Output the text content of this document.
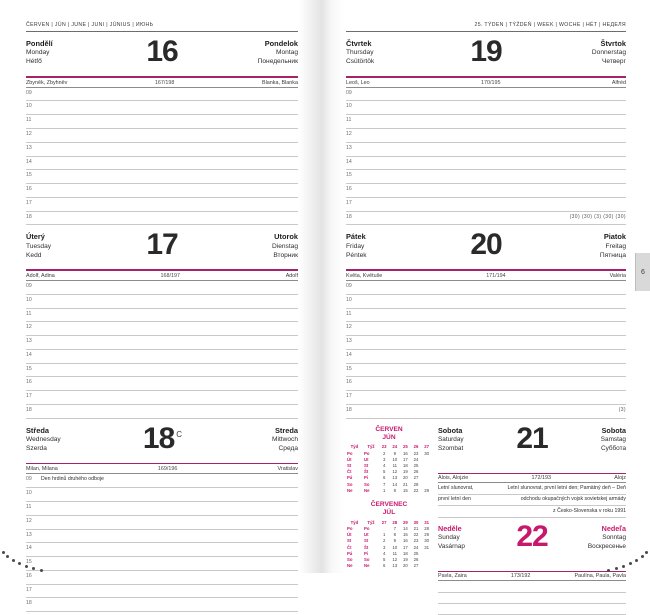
ČERVEN | JÚN | JUNE | JUNI | JÚNIUS | ИЮНЬ
Pondělí
Monday
Hétfő
Pondelok
Montag
Понедельник
16
Zbyněk, Zbyhněv	167/198	Blanka, Blanka
09
10
11
12
13
14
15
16
17
18
Úterý
Tuesday
Kedd
Utorok
Dienstag
Вторник
17
Adolf, Adina	168/197	Adolf
09
10
11
12
13
14
15
16
17
18
Středa
Wednesday
Szerda
Streda
Mittwoch
Среда
18 $^C$
Milan, Milana	169/196	Vratislav
09 Den hrdinů druhého odboje
10
11
12
13
14
15
16
17
18
25. TÝDEN | TÝŽDEŇ | WEEK | WOCHE | HÉT | НЕДЕЛЯ
Čtvrtek
Thursday
Csütörtök
Štvrtok
Donnerstag
Четверг
19
Leoš, Leo	170/195	Alfréd
09
10
11
12
13
14
15
16
17
18	(30) (30) (3) (30) (30)
Pátek
Friday
Péntek
Piatok
Freitag
Пятница
20
Květa, Květuše	171/194	Valéria
09
10
11
12
13
14
15
16
17
18	(3)
ČERVEN
JÚN
Týd	Týž	23	24	25	26	27
Po	Po	2	9	16	23	30
Út	Ut	3	10	17	24	
St	St	4	11	18	25	
Čt	Št	5	12	19	26	
Pá	Pi	6	13	20	27	
So	So	7	14	21	28	
Ne	Ne	1	8	15	22	29
ČERVENEC
JÚL
Týd	Týž	27	28	29	30	31
Po	Po		7	14	21	28
Út	Ut	1	8	15	22	29
St	St	2	9	16	23	30
Čt	Št	3	10	17	24	31
Pá	Pi	4	11	18	25	
So	So	5	12	19	26	
Ne	Ne	6	13	20	27	
Sobota
Saturday
Szombat
Sobota
Samstag
Суббота
21
Alois, Alojzie	172/193	Alojz
Letní slunovrat,	Letní slunovrat, první letní den; Pamätný deň – Deň
první letní den	odchodu okupačných vojsk sovietskej armády
z Česko-Slovenska v roku 1991
Neděle
Sunday
Vasárnap
Nedeľa
Sonntag
Воскресенье
22
Pavla, Zaira	173/192	Paulína, Paula, Pavla
6
